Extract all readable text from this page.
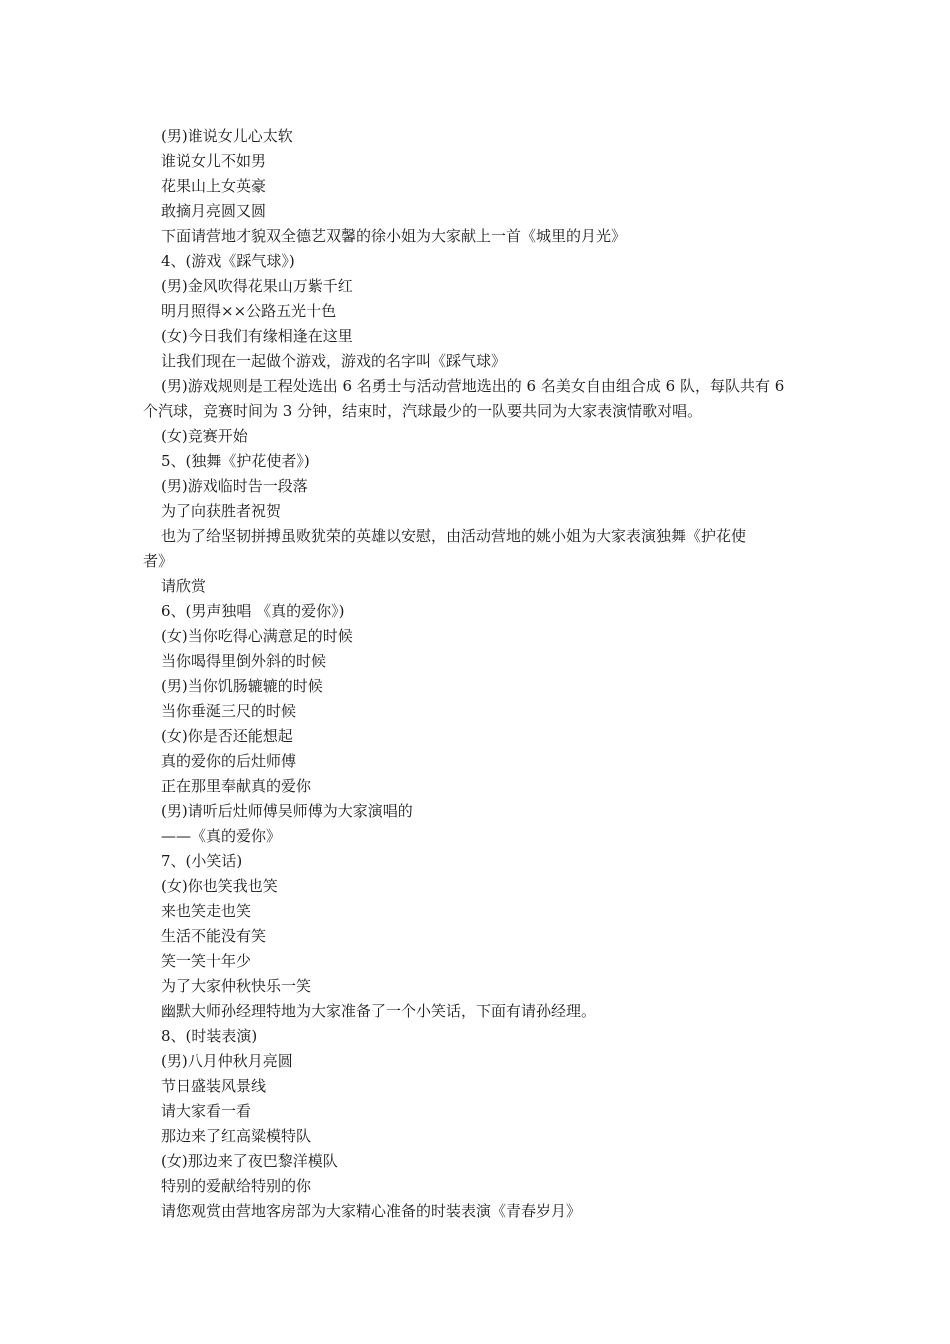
(男)谁说女儿心太软
谁说女儿不如男
花果山上女英豪
敢摘月亮圆又圆
下面请营地才貌双全德艺双馨的徐小姐为大家献上一首《城里的月光》
4、(游戏《踩气球》)
(男)金风吹得花果山万紫千红
明月照得××公路五光十色
(女)今日我们有缘相逢在这里
让我们现在一起做个游戏，游戏的名字叫《踩气球》
(男)游戏规则是工程处选出 6 名勇士与活动营地选出的 6 名美女自由组合成 6 队，每队共有 6
个汽球，竞赛时间为 3 分钟，结束时，汽球最少的一队要共同为大家表演情歌对唱。
(女)竞赛开始
5、(独舞《护花使者》)
(男)游戏临时告一段落
为了向获胜者祝贺
也为了给坚韧拼搏虽败犹荣的英雄以安慰，由活动营地的姚小姐为大家表演独舞《护花使
者》
请欣赏
6、(男声独唱 《真的爱你》)
(女)当你吃得心满意足的时候
当你喝得里倒外斜的时候
(男)当你饥肠辘辘的时候
当你垂涎三尺的时候
(女)你是否还能想起
真的爱你的后灶师傅
正在那里奉献真的爱你
(男)请听后灶师傅吴师傅为大家演唱的
——《真的爱你》
7、(小笑话)
(女)你也笑我也笑
来也笑走也笑
生活不能没有笑
笑一笑十年少
为了大家仲秋快乐一笑
幽默大师孙经理特地为大家准备了一个小笑话，下面有请孙经理。
8、(时装表演)
(男)八月仲秋月亮圆
节日盛装风景线
请大家看一看
那边来了红高粱模特队
(女)那边来了夜巴黎洋模队
特别的爱献给特别的你
请您观赏由营地客房部为大家精心准备的时装表演《青春岁月》
